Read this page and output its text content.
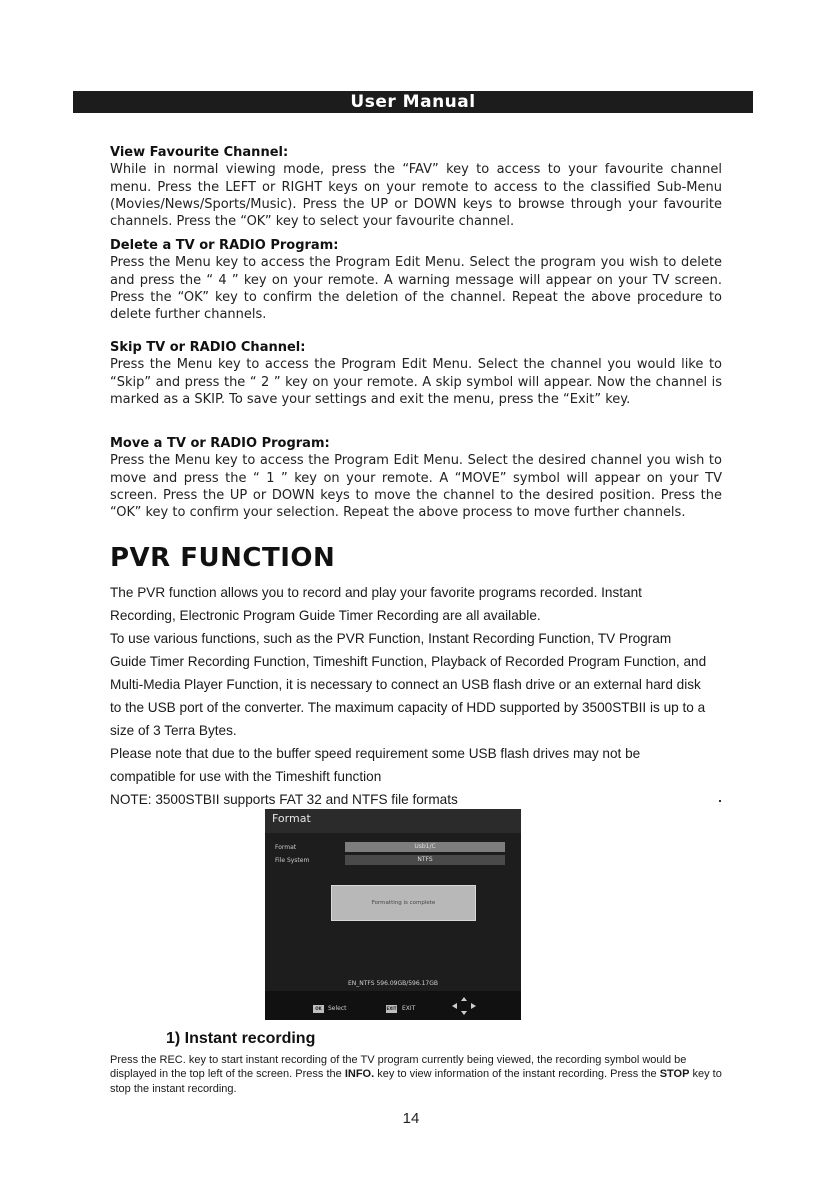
User Manual
View Favourite Channel:

While in normal viewing mode, press the “FAV” key to access to your favourite channel menu. Press the LEFT or RIGHT keys on your remote to access to the classified Sub-Menu (Movies/News/Sports/Music). Press the UP or DOWN keys to browse through your favourite channels. Press the “OK” key to select your favourite channel.

Delete a TV or RADIO Program:

Press the Menu key to access the Program Edit Menu. Select the program you wish to delete and press the “ 4 ” key on your remote. A warning message will appear on your TV screen. Press the “OK” key to confirm the deletion of the channel. Repeat the above procedure to delete further channels.

Skip TV or RADIO Channel:

Press the Menu key to access the Program Edit Menu. Select the channel you would like to “Skip” and press the “ 2 ” key on your remote. A skip symbol will appear. Now the channel is marked as a SKIP. To save your settings and exit the menu, press the “Exit” key.

Move a TV or RADIO Program:

Press the Menu key to access the Program Edit Menu. Select the desired channel you wish to move and press the “ 1 ” key on your remote. A “MOVE” symbol will appear on your TV screen. Press the UP or DOWN keys to move the channel to the desired position. Press the “OK” key to confirm your selection. Repeat the above process to move further channels.

PVR FUNCTION
The PVR function allows you to record and play your favorite programs recorded. Instant
Recording, Electronic Program Guide Timer Recording are all available.
To use various functions, such as the PVR Function, Instant Recording Function, TV Program
Guide Timer Recording Function, Timeshift Function, Playback of Recorded Program Function, and
Multi-Media Player Function, it is necessary to connect an USB flash drive or an external hard disk
to the USB port of the converter. The maximum capacity of HDD supported by 3500STBII is up to a
size of 3 Terra Bytes.
Please note that due to the buffer speed requirement some USB flash drives may not be
compatible for use with the Timeshift function
NOTE: 3500STBII supports FAT 32 and NTFS file formats
Format
Format	Usb1/C
File System	NTFS
Formatting is complete
EN_NTFS 596.09GB/596.17GB
OK	Select	EXIT EXIT
1) Instant recording
Press the REC. key to start instant recording of the TV program currently being viewed, the recording symbol would be displayed in the top left of the screen. Press the INFO. key to view information of the instant recording. Press the STOP key to stop the instant recording.
14
